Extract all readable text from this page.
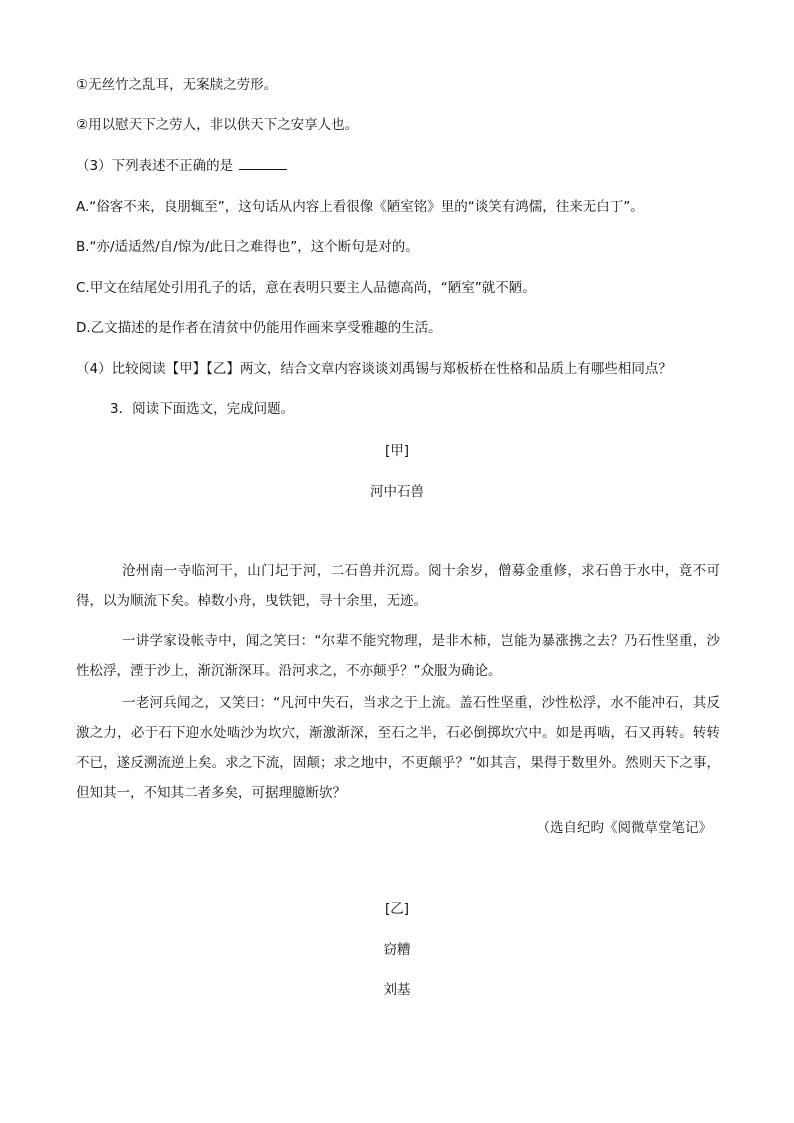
①无丝竹之乱耳，无案牍之劳形。
②用以慰天下之劳人，非以供天下之安享人也。
（3）下列表述不正确的是
A.“俗客不来，良朋辄至”，这句话从内容上看很像《陋室铭》里的“谈笑有鸿儒，往来无白丁”。
B.“亦/适适然/自/惊为/此日之难得也”，这个断句是对的。
C.甲文在结尾处引用孔子的话，意在表明只要主人品德高尚，“陋室”就不陋。
D.乙文描述的是作者在清贫中仍能用作画来享受雅趣的生活。
（4）比较阅读【甲】【乙】两文，结合文章内容谈谈刘禹锡与郑板桥在性格和品质上有哪些相同点？
3．阅读下面选文，完成问题。
[甲]
河中石兽
沧州南一寺临河干，山门圮于河，二石兽并沉焉。阅十余岁，僧募金重修，求石兽于水中，竟不可得，以为顺流下矣。棹数小舟，曳铁钯，寻十余里，无迹。
一讲学家设帐寺中，闻之笑曰：“尔辈不能究物理，是非木柿，岂能为暴涨携之去？乃石性坚重，沙性松浮，湮于沙上，渐沉渐深耳。沿河求之，不亦颠乎？”众服为确论。
一老河兵闻之，又笑曰：“凡河中失石，当求之于上流。盖石性坚重，沙性松浮，水不能冲石，其反激之力，必于石下迎水处啮沙为坎穴，渐激渐深，至石之半，石必倒掷坎穴中。如是再啮，石又再转。转转不已，遂反溯流逆上矣。求之下流，固颠；求之地中，不更颠乎？”如其言，果得于数里外。然则天下之事，但知其一，不知其二者多矣，可据理臆断欤？
（选自纪昀《阅微草堂笔记》
[乙]
窃糟
刘基
